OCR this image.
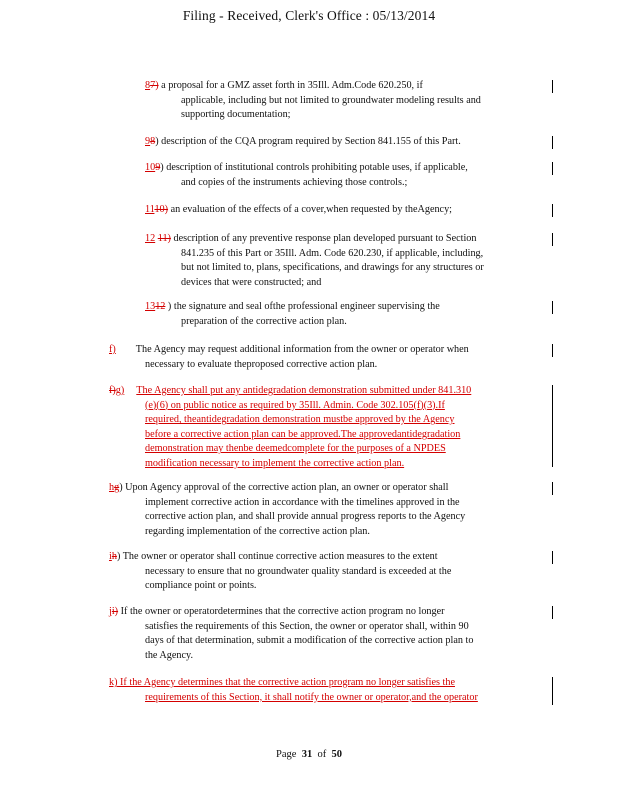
Filing - Received, Clerk's Office : 05/13/2014
87) a proposal for a GMZ asset forth in 35Ill. Adm.Code 620.250, if
applicable, including but not limited to groundwater modeling results and
supporting documentation;
98) description of the CQA program required by Section 841.155 of this Part.
109) description of institutional controls prohibiting potable uses, if applicable,
and copies of the instruments achieving those controls.;
1110) an evaluation of the effects of a cover,when requested by theAgency;
12 11) description of any preventive response plan developed pursuant to Section
841.235 of this Part or 35Ill. Adm. Code 620.230, if applicable, including,
but not limited to, plans, specifications, and drawings for any structures or
devices that were constructed; and
1312 ) the signature and seal ofthe professional engineer supervising the
preparation of the corrective action plan.
f) The Agency may request additional information from the owner or operator when
necessary to evaluate theproposed corrective action plan.
f)g) The Agency shall put any antidegradation demonstration submitted under 841.310
(e)(6) on public notice as required by 35Ill. Admin. Code 302.105(f)(3).If
required, theantidegradation demonstration mustbe approved by the Agency
before a corrective action plan can be approved.The approvedantidegradation
demonstration may thenbe deemedcomplete for the purposes of a NPDES
modification necessary to implement the corrective action plan.
hg) Upon Agency approval of the corrective action plan, an owner or operator shall
implement corrective action in accordance with the timelines approved in the
corrective action plan, and shall provide annual progress reports to the Agency
regarding implementation of the corrective action plan.
ih) The owner or operator shall continue corrective action measures to the extent
necessary to ensure that no groundwater quality standard is exceeded at the
compliance point or points.
ji) If the owner or operatordetermines that the corrective action program no longer
satisfies the requirements of this Section, the owner or operator shall, within 90
days of that determination, submit a modification of the corrective action plan to
the Agency.
k) If the Agency determines that the corrective action program no longer satisfies the
requirements of this Section, it shall notify the owner or operator,and the operator
Page 31 of 50
